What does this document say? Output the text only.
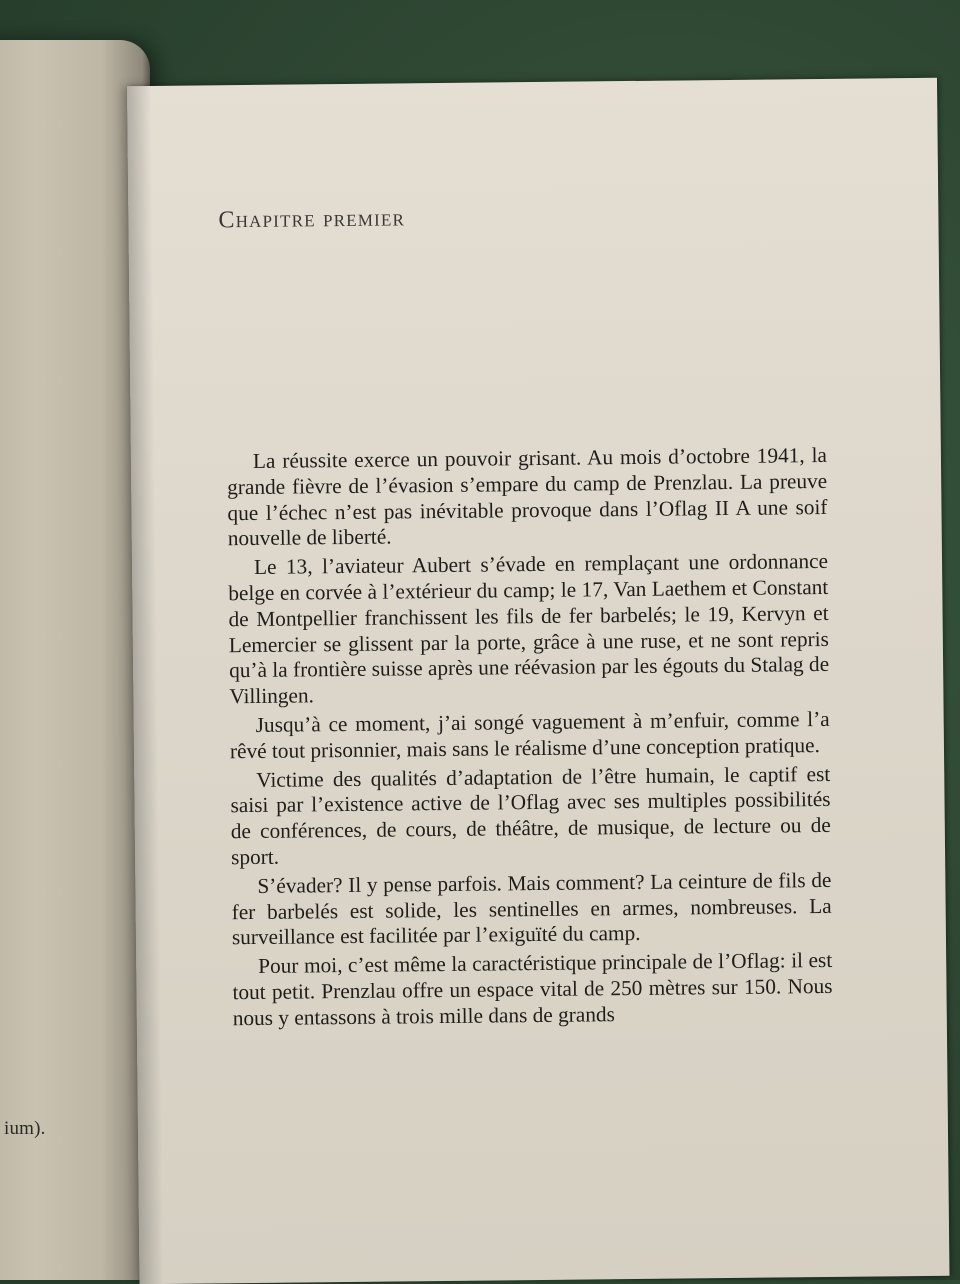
ium).
Chapitre premier

La réussite exerce un pouvoir grisant. Au mois d’octobre 1941, la grande fièvre de l’évasion s’empare du camp de Prenzlau. La preuve que l’échec n’est pas inévitable provoque dans l’Oflag II A une soif nouvelle de liberté.

Le 13, l’aviateur Aubert s’évade en remplaçant une ordonnance belge en corvée à l’extérieur du camp; le 17, Van Laethem et Constant de Montpellier franchissent les fils de fer barbelés; le 19, Kervyn et Lemercier se glissent par la porte, grâce à une ruse, et ne sont repris qu’à la frontière suisse après une réévasion par les égouts du Stalag de Villingen.

Jusqu’à ce moment, j’ai songé vaguement à m’enfuir, comme l’a rêvé tout prisonnier, mais sans le réalisme d’une conception pratique.

Victime des qualités d’adaptation de l’être humain, le captif est saisi par l’existence active de l’Oflag avec ses multiples possibilités de conférences, de cours, de théâtre, de musique, de lecture ou de sport.

S’évader? Il y pense parfois. Mais comment? La ceinture de fils de fer barbelés est solide, les sentinelles en armes, nombreuses. La surveillance est facilitée par l’exiguïté du camp.

Pour moi, c’est même la caractéristique principale de l’Oflag: il est tout petit. Prenzlau offre un espace vital de 250 mètres sur 150. Nous nous y entassons à trois mille dans de grands
